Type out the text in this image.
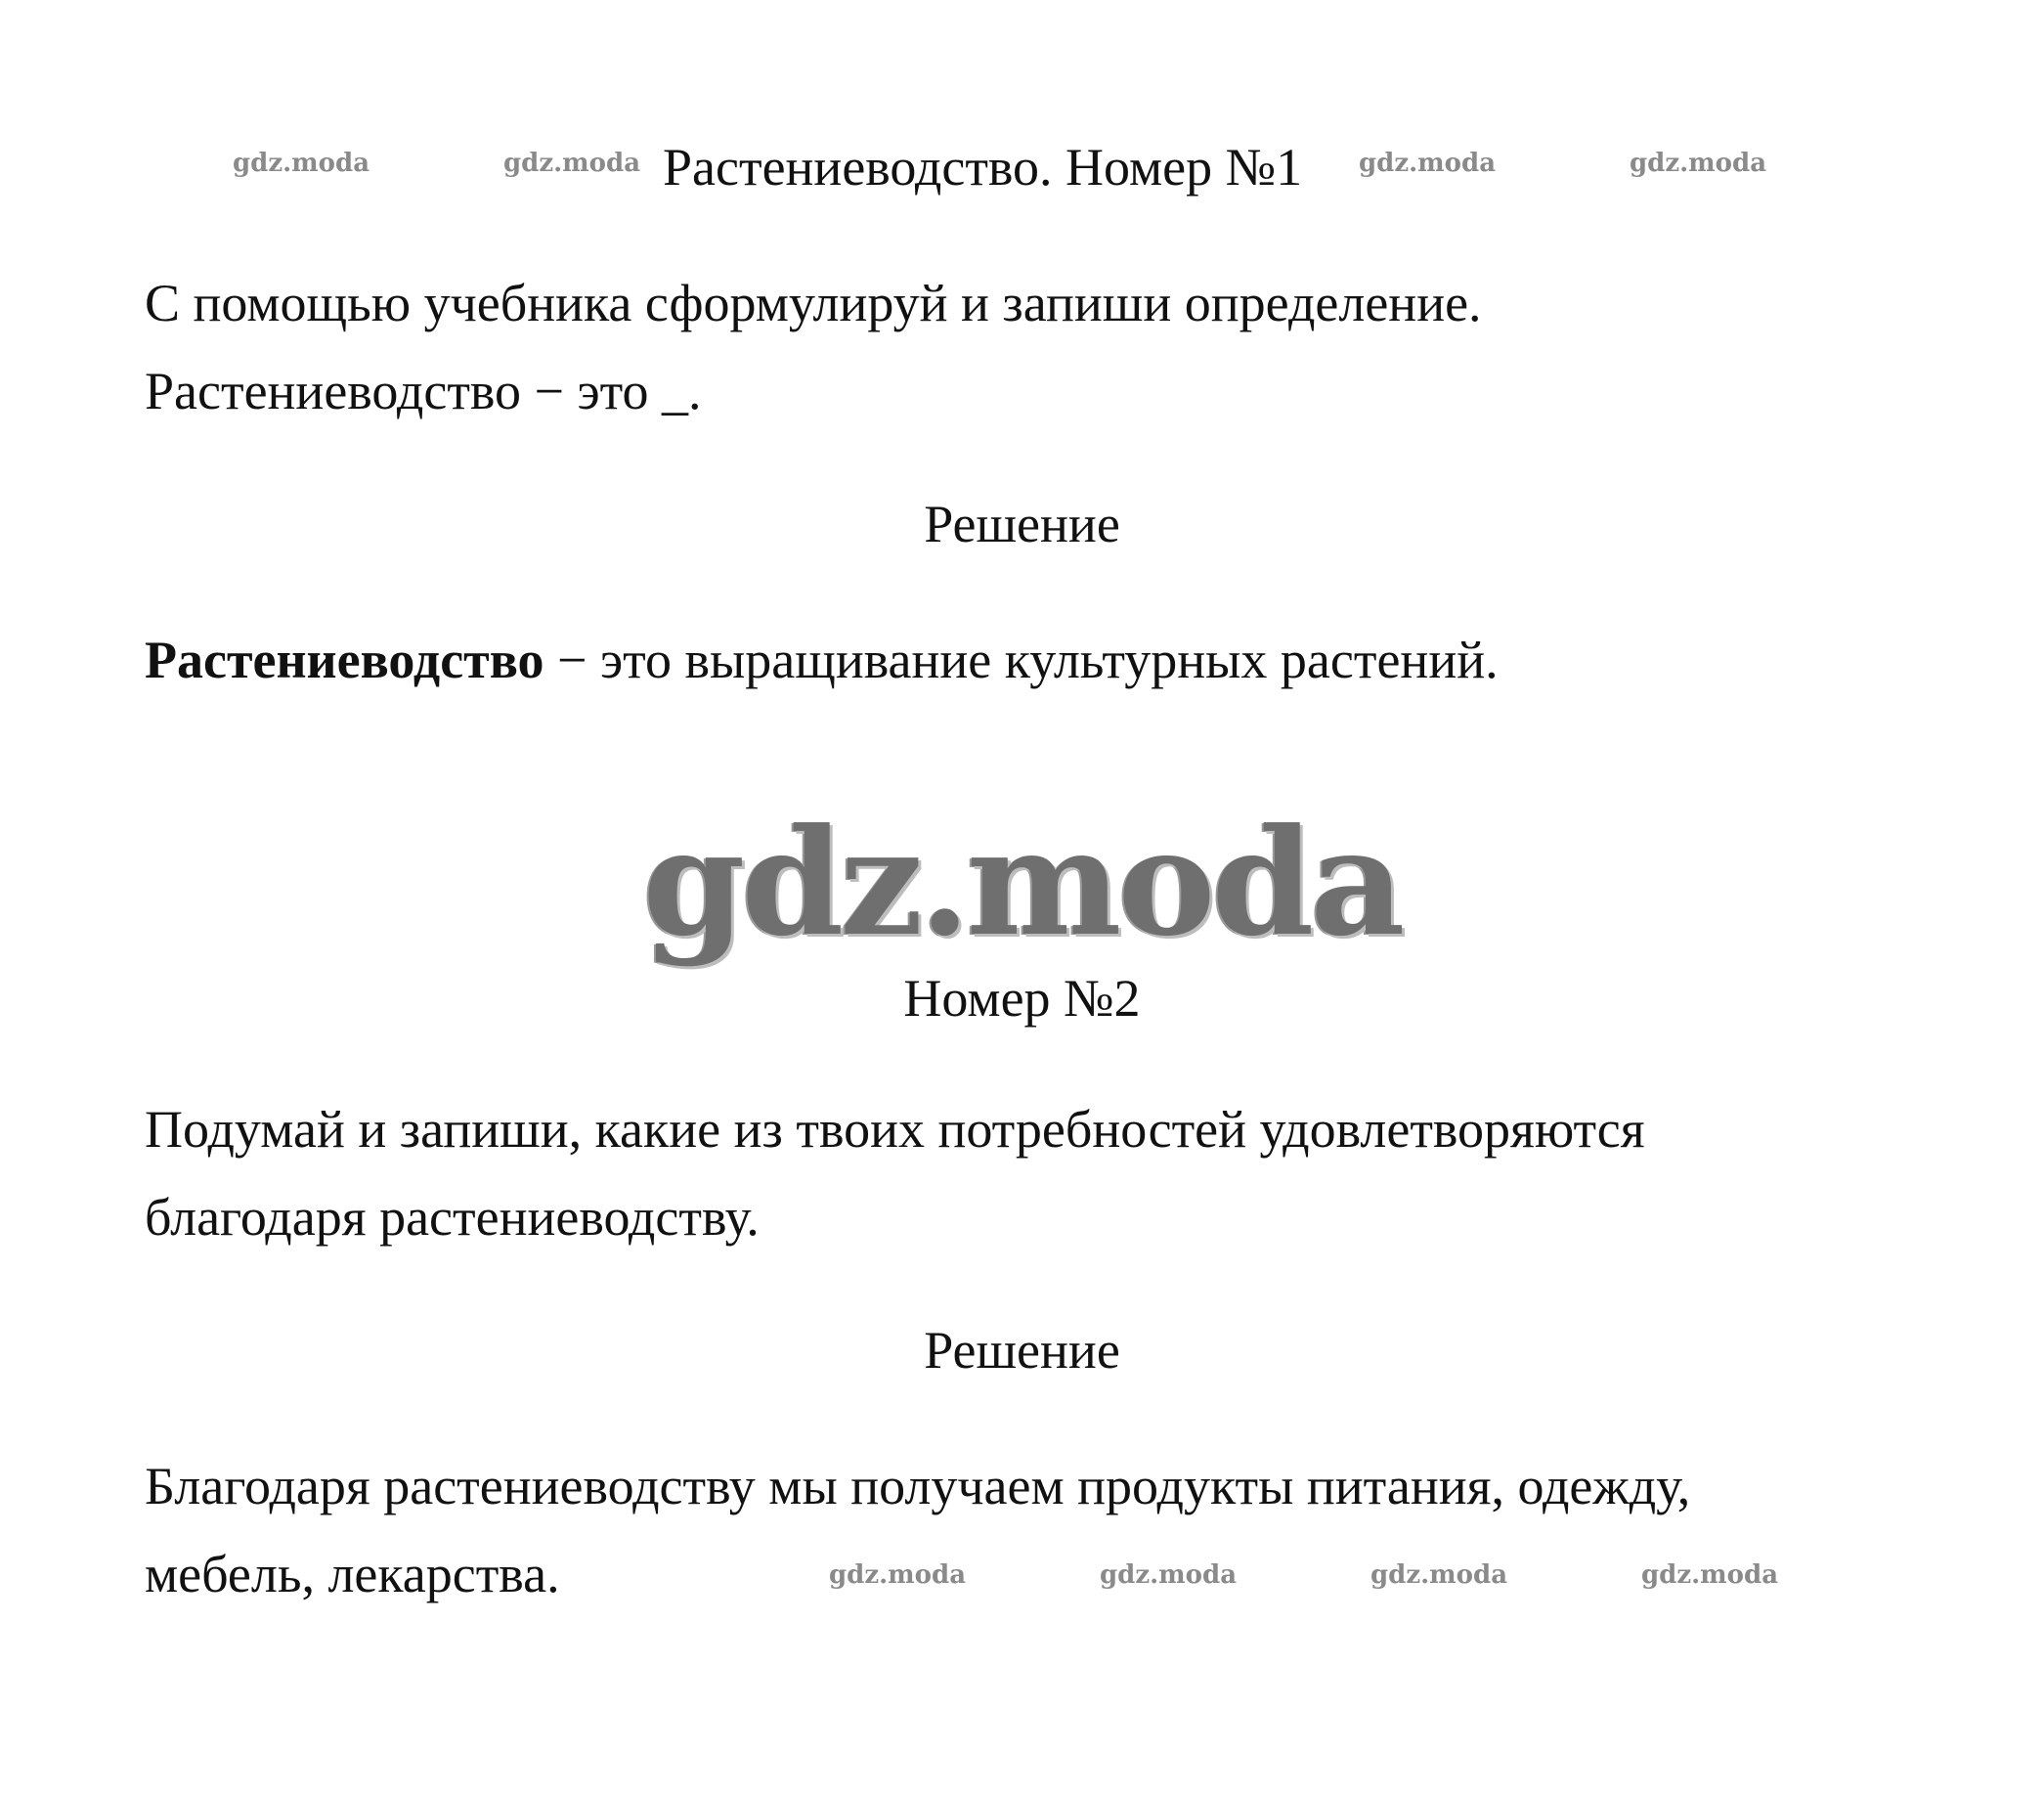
gdz.moda	gdz.moda	gdz.moda	gdz.moda
Растениеводство. Номер №1
С помощью учебника сформулируй и запиши определение.
Растениеводство − это _.
Решение
Растениеводство − это выращивание культурных растений.
gdz.moda
Номер №2
Подумай и запиши, какие из твоих потребностей удовлетворяются
благодаря растениеводству.
Решение
Благодаря растениеводству мы получаем продукты питания, одежду,
мебель, лекарства.	gdz.moda	gdz.moda	gdz.moda	gdz.moda
